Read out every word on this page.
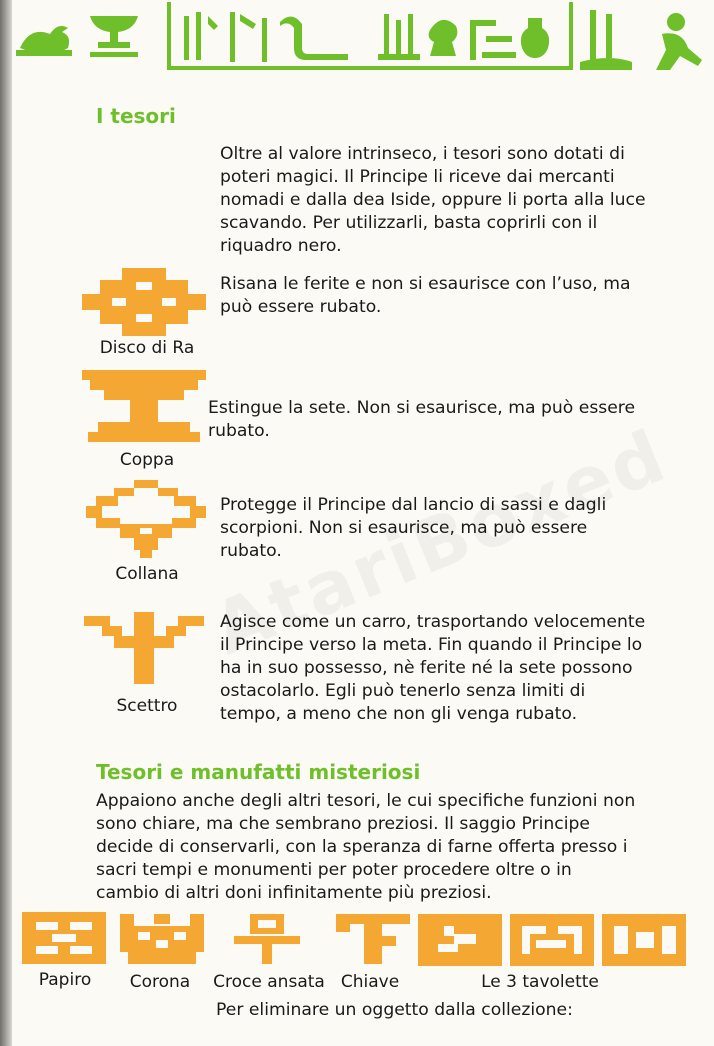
I tesori

Oltre al valore intrinseco, i tesori sono dotati di poteri magici. Il Principe li riceve dai mercanti nomadi e dalla dea Iside, oppure li porta alla luce scavando. Per utilizzarli, basta coprirli con il riquadro nero.

Disco di Ra

Risana le ferite e non si esaurisce con l’uso, ma può essere rubato.

Coppa

Estingue la sete. Non si esaurisce, ma può essere rubato.

Collana

Protegge il Principe dal lancio di sassi e dagli scorpioni. Non si esaurisce, ma può essere rubato.

Scettro

Agisce come un carro, trasportando velocemente il Principe verso la meta. Fin quando il Principe lo ha in suo possesso, nè ferite né la sete possono ostacolarlo. Egli può tenerlo senza limiti di tempo, a meno che non gli venga rubato.

Tesori e manufatti misteriosi

Appaiono anche degli altri tesori, le cui specifiche funzioni non sono chiare, ma che sembrano preziosi. Il saggio Principe decide di conservarli, con la speranza di farne offerta presso i sacri tempi e monumenti per poter procedere oltre o in cambio di altri doni infinitamente più preziosi.

Papiro	Corona	Croce ansata Chiave	Le 3 tavolette

Per eliminare un oggetto dalla collezione:
